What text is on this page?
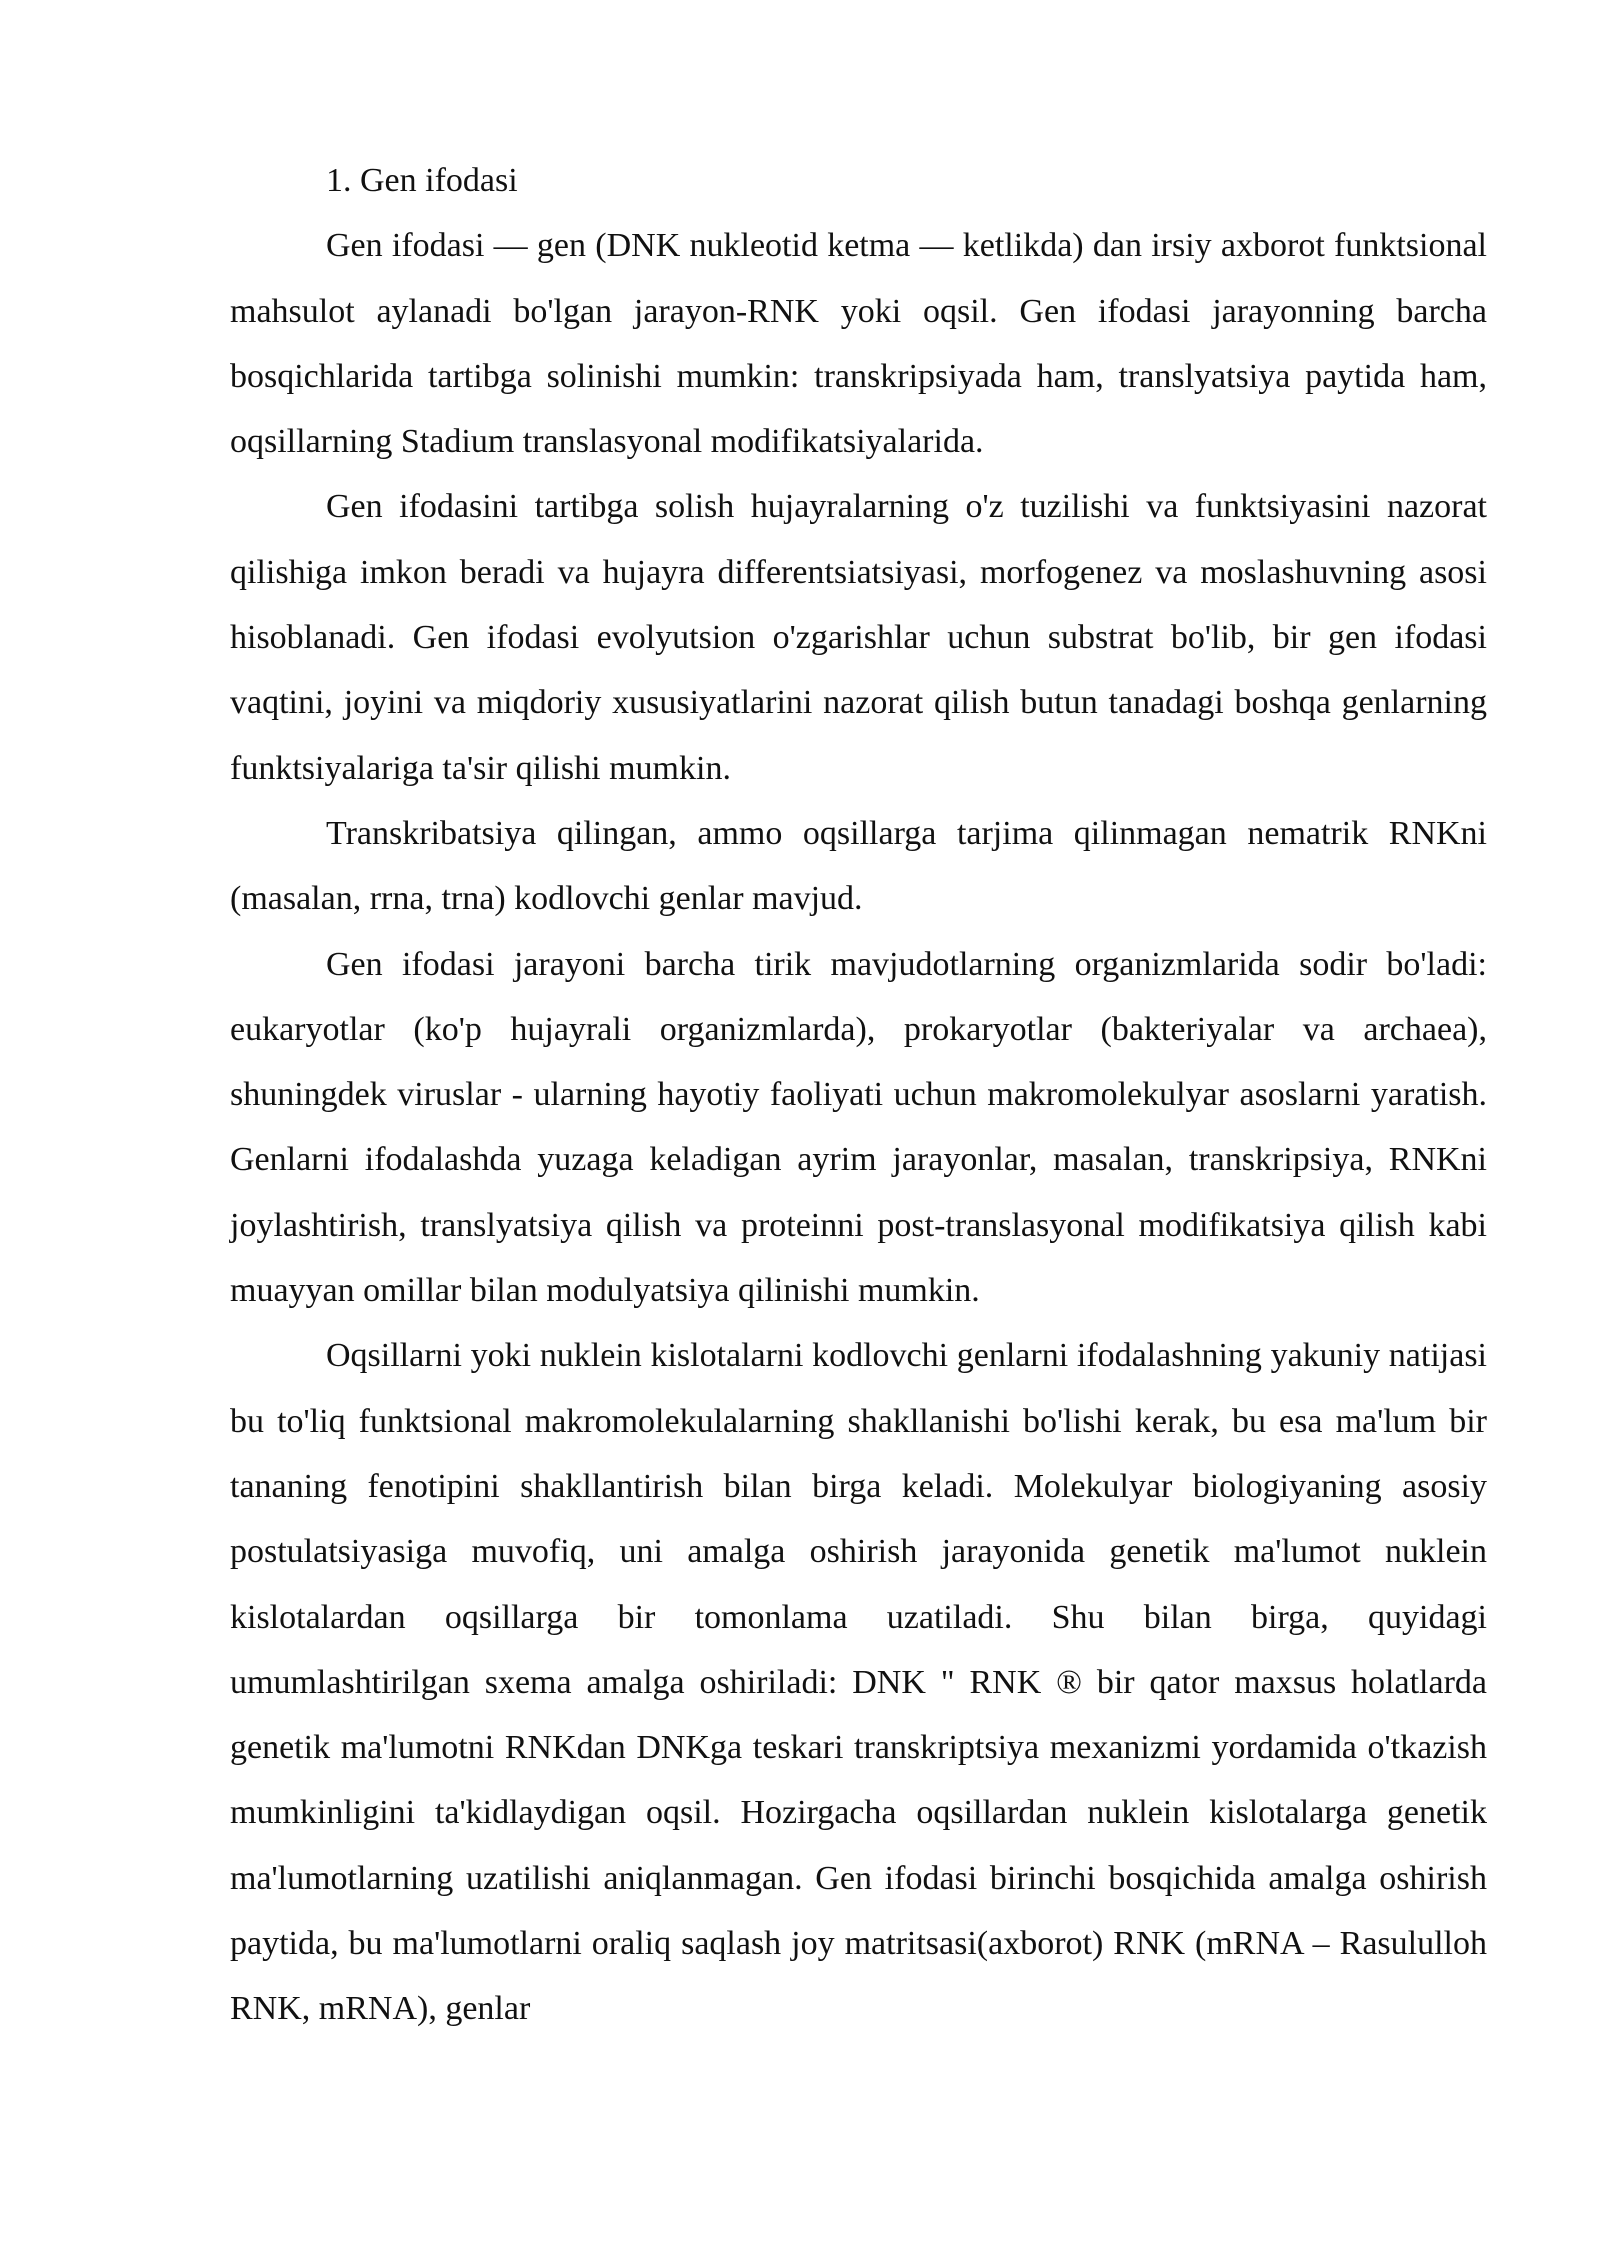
1. Gen ifodasi

Gen ifodasi — gen (DNK nukleotid ketma — ketlikda) dan irsiy axborot funktsional mahsulot aylanadi bo'lgan jarayon-RNK yoki oqsil. Gen ifodasi jarayonning barcha bosqichlarida tartibga solinishi mumkin: transkripsiyada ham, translyatsiya paytida ham, oqsillarning Stadium translasyonal modifikatsiyalarida.

Gen ifodasini tartibga solish hujayralarning o'z tuzilishi va funktsiyasini nazorat qilishiga imkon beradi va hujayra differentsiatsiyasi, morfogenez va moslashuvning asosi hisoblanadi. Gen ifodasi evolyutsion o'zgarishlar uchun substrat bo'lib, bir gen ifodasi vaqtini, joyini va miqdoriy xususiyatlarini nazorat qilish butun tanadagi boshqa genlarning funktsiyalariga ta'sir qilishi mumkin.

Transkribatsiya qilingan, ammo oqsillarga tarjima qilinmagan nematrik RNKni (masalan, rrna, trna) kodlovchi genlar mavjud.

Gen ifodasi jarayoni barcha tirik mavjudotlarning organizmlarida sodir bo'ladi: eukaryotlar (ko'p hujayrali organizmlarda), prokaryotlar (bakteriyalar va archaea), shuningdek viruslar - ularning hayotiy faoliyati uchun makromolekulyar asoslarni yaratish. Genlarni ifodalashda yuzaga keladigan ayrim jarayonlar, masalan, transkripsiya, RNKni joylashtirish, translyatsiya qilish va proteinni post-translasyonal modifikatsiya qilish kabi muayyan omillar bilan modulyatsiya qilinishi mumkin.

Oqsillarni yoki nuklein kislotalarni kodlovchi genlarni ifodalashning yakuniy natijasi bu to'liq funktsional makromolekulalarning shakllanishi bo'lishi kerak, bu esa ma'lum bir tananing fenotipini shakllantirish bilan birga keladi. Molekulyar biologiyaning asosiy postulatsiyasiga muvofiq, uni amalga oshirish jarayonida genetik ma'lumot nuklein kislotalardan oqsillarga bir tomonlama uzatiladi. Shu bilan birga, quyidagi umumlashtirilgan sxema amalga oshiriladi: DNK " RNK ® bir qator maxsus holatlarda genetik ma'lumotni RNKdan DNKga teskari transkriptsiya mexanizmi yordamida o'tkazish mumkinligini ta'kidlaydigan oqsil. Hozirgacha oqsillardan nuklein kislotalarga genetik ma'lumotlarning uzatilishi aniqlanmagan. Gen ifodasi birinchi bosqichida amalga oshirish paytida, bu ma'lumotlarni oraliq saqlash joy matritsasi(axborot) RNK (mRNA – Rasululloh RNK, mRNA), genlar
